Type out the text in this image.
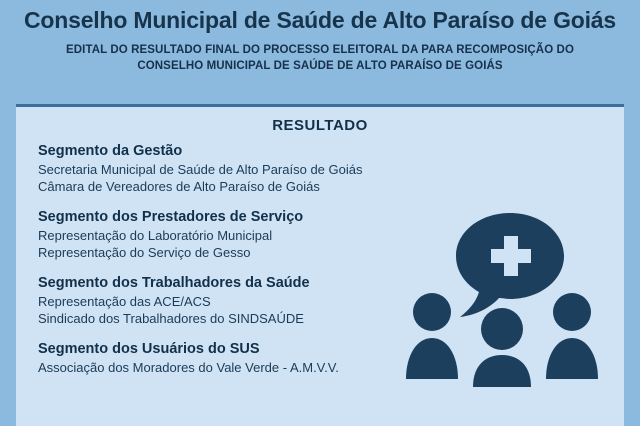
Conselho Municipal de Saúde de Alto Paraíso de Goiás
EDITAL DO RESULTADO FINAL DO PROCESSO ELEITORAL DA PARA RECOMPOSIÇÃO DO
CONSELHO MUNICIPAL DE SAÚDE DE ALTO PARAÍSO DE GOIÁS
RESULTADO
Segmento da Gestão
Secretaria Municipal de Saúde de Alto Paraíso de Goiás
Câmara de Vereadores de Alto Paraíso de Goiás
Segmento dos Prestadores de Serviço
Representação do Laboratório Municipal
Representação do Serviço de Gesso
Segmento dos Trabalhadores da Saúde
Representação das ACE/ACS
Sindicado dos Trabalhadores do SINDSAÚDE
Segmento dos Usuários do SUS
Associação dos Moradores do Vale Verde - A.M.V.V.
